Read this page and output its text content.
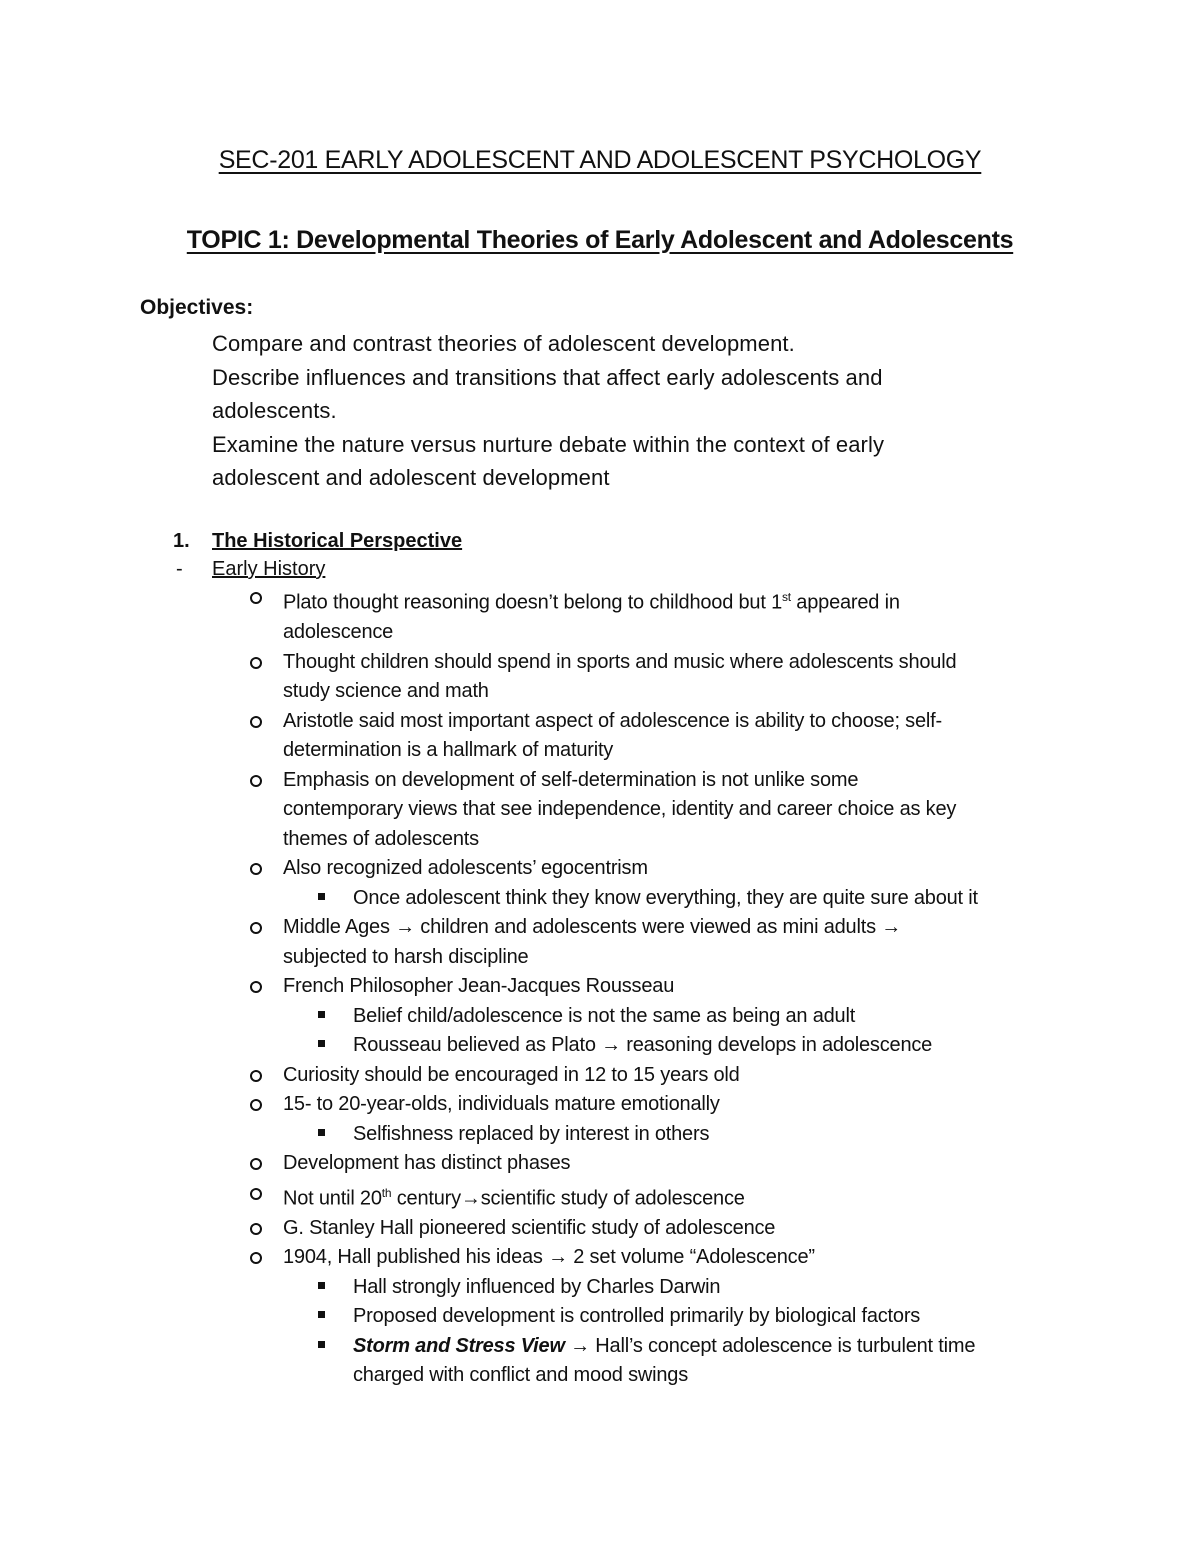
SEC-201 EARLY ADOLESCENT AND ADOLESCENT PSYCHOLOGY
TOPIC 1: Developmental Theories of Early Adolescent and Adolescents
Objectives:
Compare and contrast theories of adolescent development.
Describe influences and transitions that affect early adolescents and
adolescents.
Examine the nature versus nurture debate within the context of early
adolescent and adolescent development
1. The Historical Perspective
- Early History
Plato thought reasoning doesn’t belong to childhood but 1st appeared in
adolescence
Thought children should spend in sports and music where adolescents should
study science and math
Aristotle said most important aspect of adolescence is ability to choose; self-
determination is a hallmark of maturity
Emphasis on development of self-determination is not unlike some
contemporary views that see independence, identity and career choice as key
themes of adolescents
Also recognized adolescents’ egocentrism
Once adolescent think they know everything, they are quite sure about it
Middle Ages → children and adolescents were viewed as mini adults →
subjected to harsh discipline
French Philosopher Jean-Jacques Rousseau
Belief child/adolescence is not the same as being an adult
Rousseau believed as Plato → reasoning develops in adolescence
Curiosity should be encouraged in 12 to 15 years old
15- to 20-year-olds, individuals mature emotionally
Selfishness replaced by interest in others
Development has distinct phases
Not until 20th century→scientific study of adolescence
G. Stanley Hall pioneered scientific study of adolescence
1904, Hall published his ideas → 2 set volume “Adolescence”
Hall strongly influenced by Charles Darwin
Proposed development is controlled primarily by biological factors
Storm and Stress View → Hall’s concept adolescence is turbulent time
charged with conflict and mood swings
